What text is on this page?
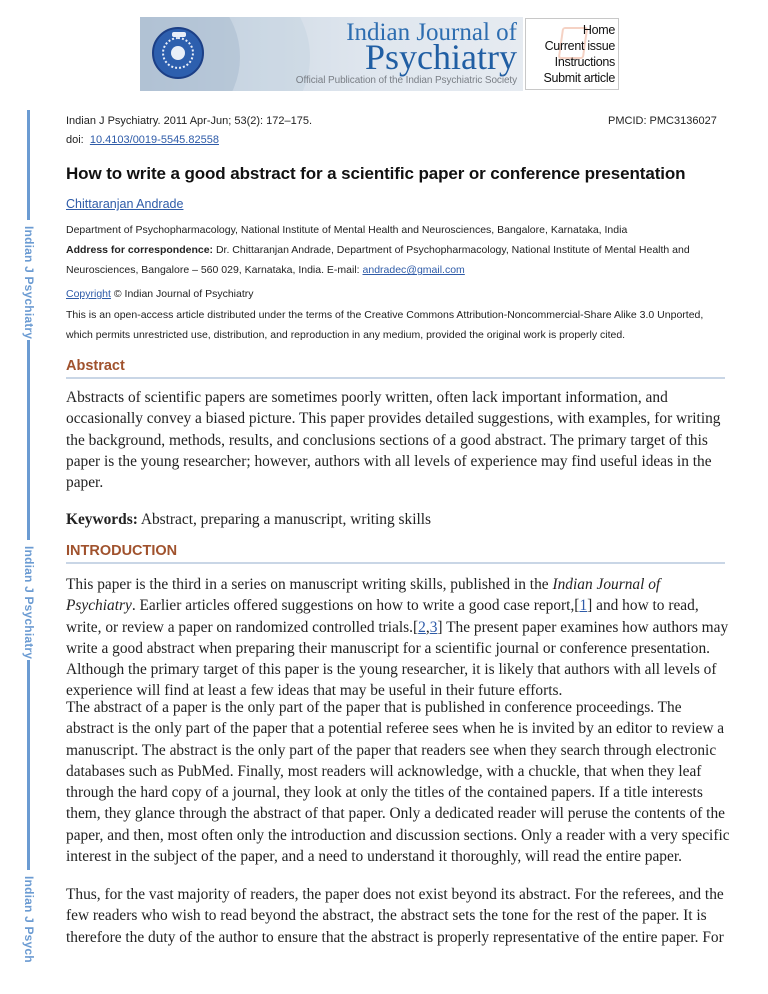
Indian Journal of
Psychiatry
Official Publication of the Indian Psychiatric Society
Home
Current issue
Instructions
Submit article
Indian J Psychiatry
Indian J Psychiatry
Indian J Psych
Indian J Psychiatry. 2011 Apr-Jun; 53(2): 172–175.
doi: 10.4103/0019-5545.82558
PMCID: PMC3136027
How to write a good abstract for a scientific paper or conference presentation
Chittaranjan Andrade
Department of Psychopharmacology, National Institute of Mental Health and Neurosciences, Bangalore, Karnataka, India
Address for correspondence: Dr. Chittaranjan Andrade, Department of Psychopharmacology, National Institute of Mental Health and Neurosciences, Bangalore – 560 029, Karnataka, India. E-mail: andradec@gmail.com
Copyright © Indian Journal of Psychiatry
This is an open-access article distributed under the terms of the Creative Commons Attribution-Noncommercial-Share Alike 3.0 Unported, which permits unrestricted use, distribution, and reproduction in any medium, provided the original work is properly cited.
Abstract
Abstracts of scientific papers are sometimes poorly written, often lack important information, and occasionally convey a biased picture. This paper provides detailed suggestions, with examples, for writing the background, methods, results, and conclusions sections of a good abstract. The primary target of this paper is the young researcher; however, authors with all levels of experience may find useful ideas in the paper.
Keywords: Abstract, preparing a manuscript, writing skills
INTRODUCTION
This paper is the third in a series on manuscript writing skills, published in the Indian Journal of Psychiatry. Earlier articles offered suggestions on how to write a good case report,[1] and how to read, write, or review a paper on randomized controlled trials.[2,3] The present paper examines how authors may write a good abstract when preparing their manuscript for a scientific journal or conference presentation. Although the primary target of this paper is the young researcher, it is likely that authors with all levels of experience will find at least a few ideas that may be useful in their future efforts.
The abstract of a paper is the only part of the paper that is published in conference proceedings. The abstract is the only part of the paper that a potential referee sees when he is invited by an editor to review a manuscript. The abstract is the only part of the paper that readers see when they search through electronic databases such as PubMed. Finally, most readers will acknowledge, with a chuckle, that when they leaf through the hard copy of a journal, they look at only the titles of the contained papers. If a title interests them, they glance through the abstract of that paper. Only a dedicated reader will peruse the contents of the paper, and then, most often only the introduction and discussion sections. Only a reader with a very specific interest in the subject of the paper, and a need to understand it thoroughly, will read the entire paper.
Thus, for the vast majority of readers, the paper does not exist beyond its abstract. For the referees, and the few readers who wish to read beyond the abstract, the abstract sets the tone for the rest of the paper. It is therefore the duty of the author to ensure that the abstract is properly representative of the entire paper. For
